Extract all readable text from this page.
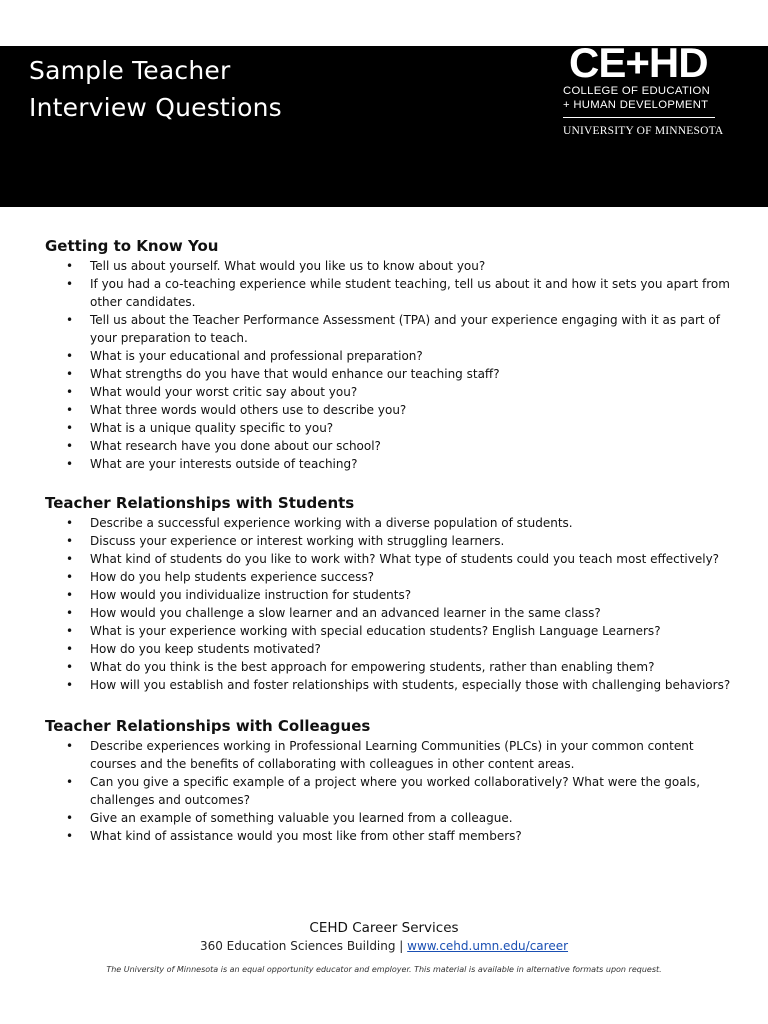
Sample Teacher
Interview Questions
CE+HD
COLLEGE OF EDUCATION
+ HUMAN DEVELOPMENT
UNIVERSITY OF MINNESOTA
Getting to Know You
• Tell us about yourself. What would you like us to know about you?
• If you had a co-teaching experience while student teaching, tell us about it and how it sets you apart from other candidates.
• Tell us about the Teacher Performance Assessment (TPA) and your experience engaging with it as part of your preparation to teach.
• What is your educational and professional preparation?
• What strengths do you have that would enhance our teaching staff?
• What would your worst critic say about you?
• What three words would others use to describe you?
• What is a unique quality specific to you?
• What research have you done about our school?
• What are your interests outside of teaching?
Teacher Relationships with Students
• Describe a successful experience working with a diverse population of students.
• Discuss your experience or interest working with struggling learners.
• What kind of students do you like to work with? What type of students could you teach most effectively?
• How do you help students experience success?
• How would you individualize instruction for students?
• How would you challenge a slow learner and an advanced learner in the same class?
• What is your experience working with special education students? English Language Learners?
• How do you keep students motivated?
• What do you think is the best approach for empowering students, rather than enabling them?
• How will you establish and foster relationships with students, especially those with challenging behaviors?
Teacher Relationships with Colleagues
• Describe experiences working in Professional Learning Communities (PLCs) in your common content courses and the benefits of collaborating with colleagues in other content areas.
• Can you give a specific example of a project where you worked collaboratively? What were the goals, challenges and outcomes?
• Give an example of something valuable you learned from a colleague.
• What kind of assistance would you most like from other staff members?
CEHD Career Services
360 Education Sciences Building | www.cehd.umn.edu/career
The University of Minnesota is an equal opportunity educator and employer. This material is available in alternative formats upon request.
